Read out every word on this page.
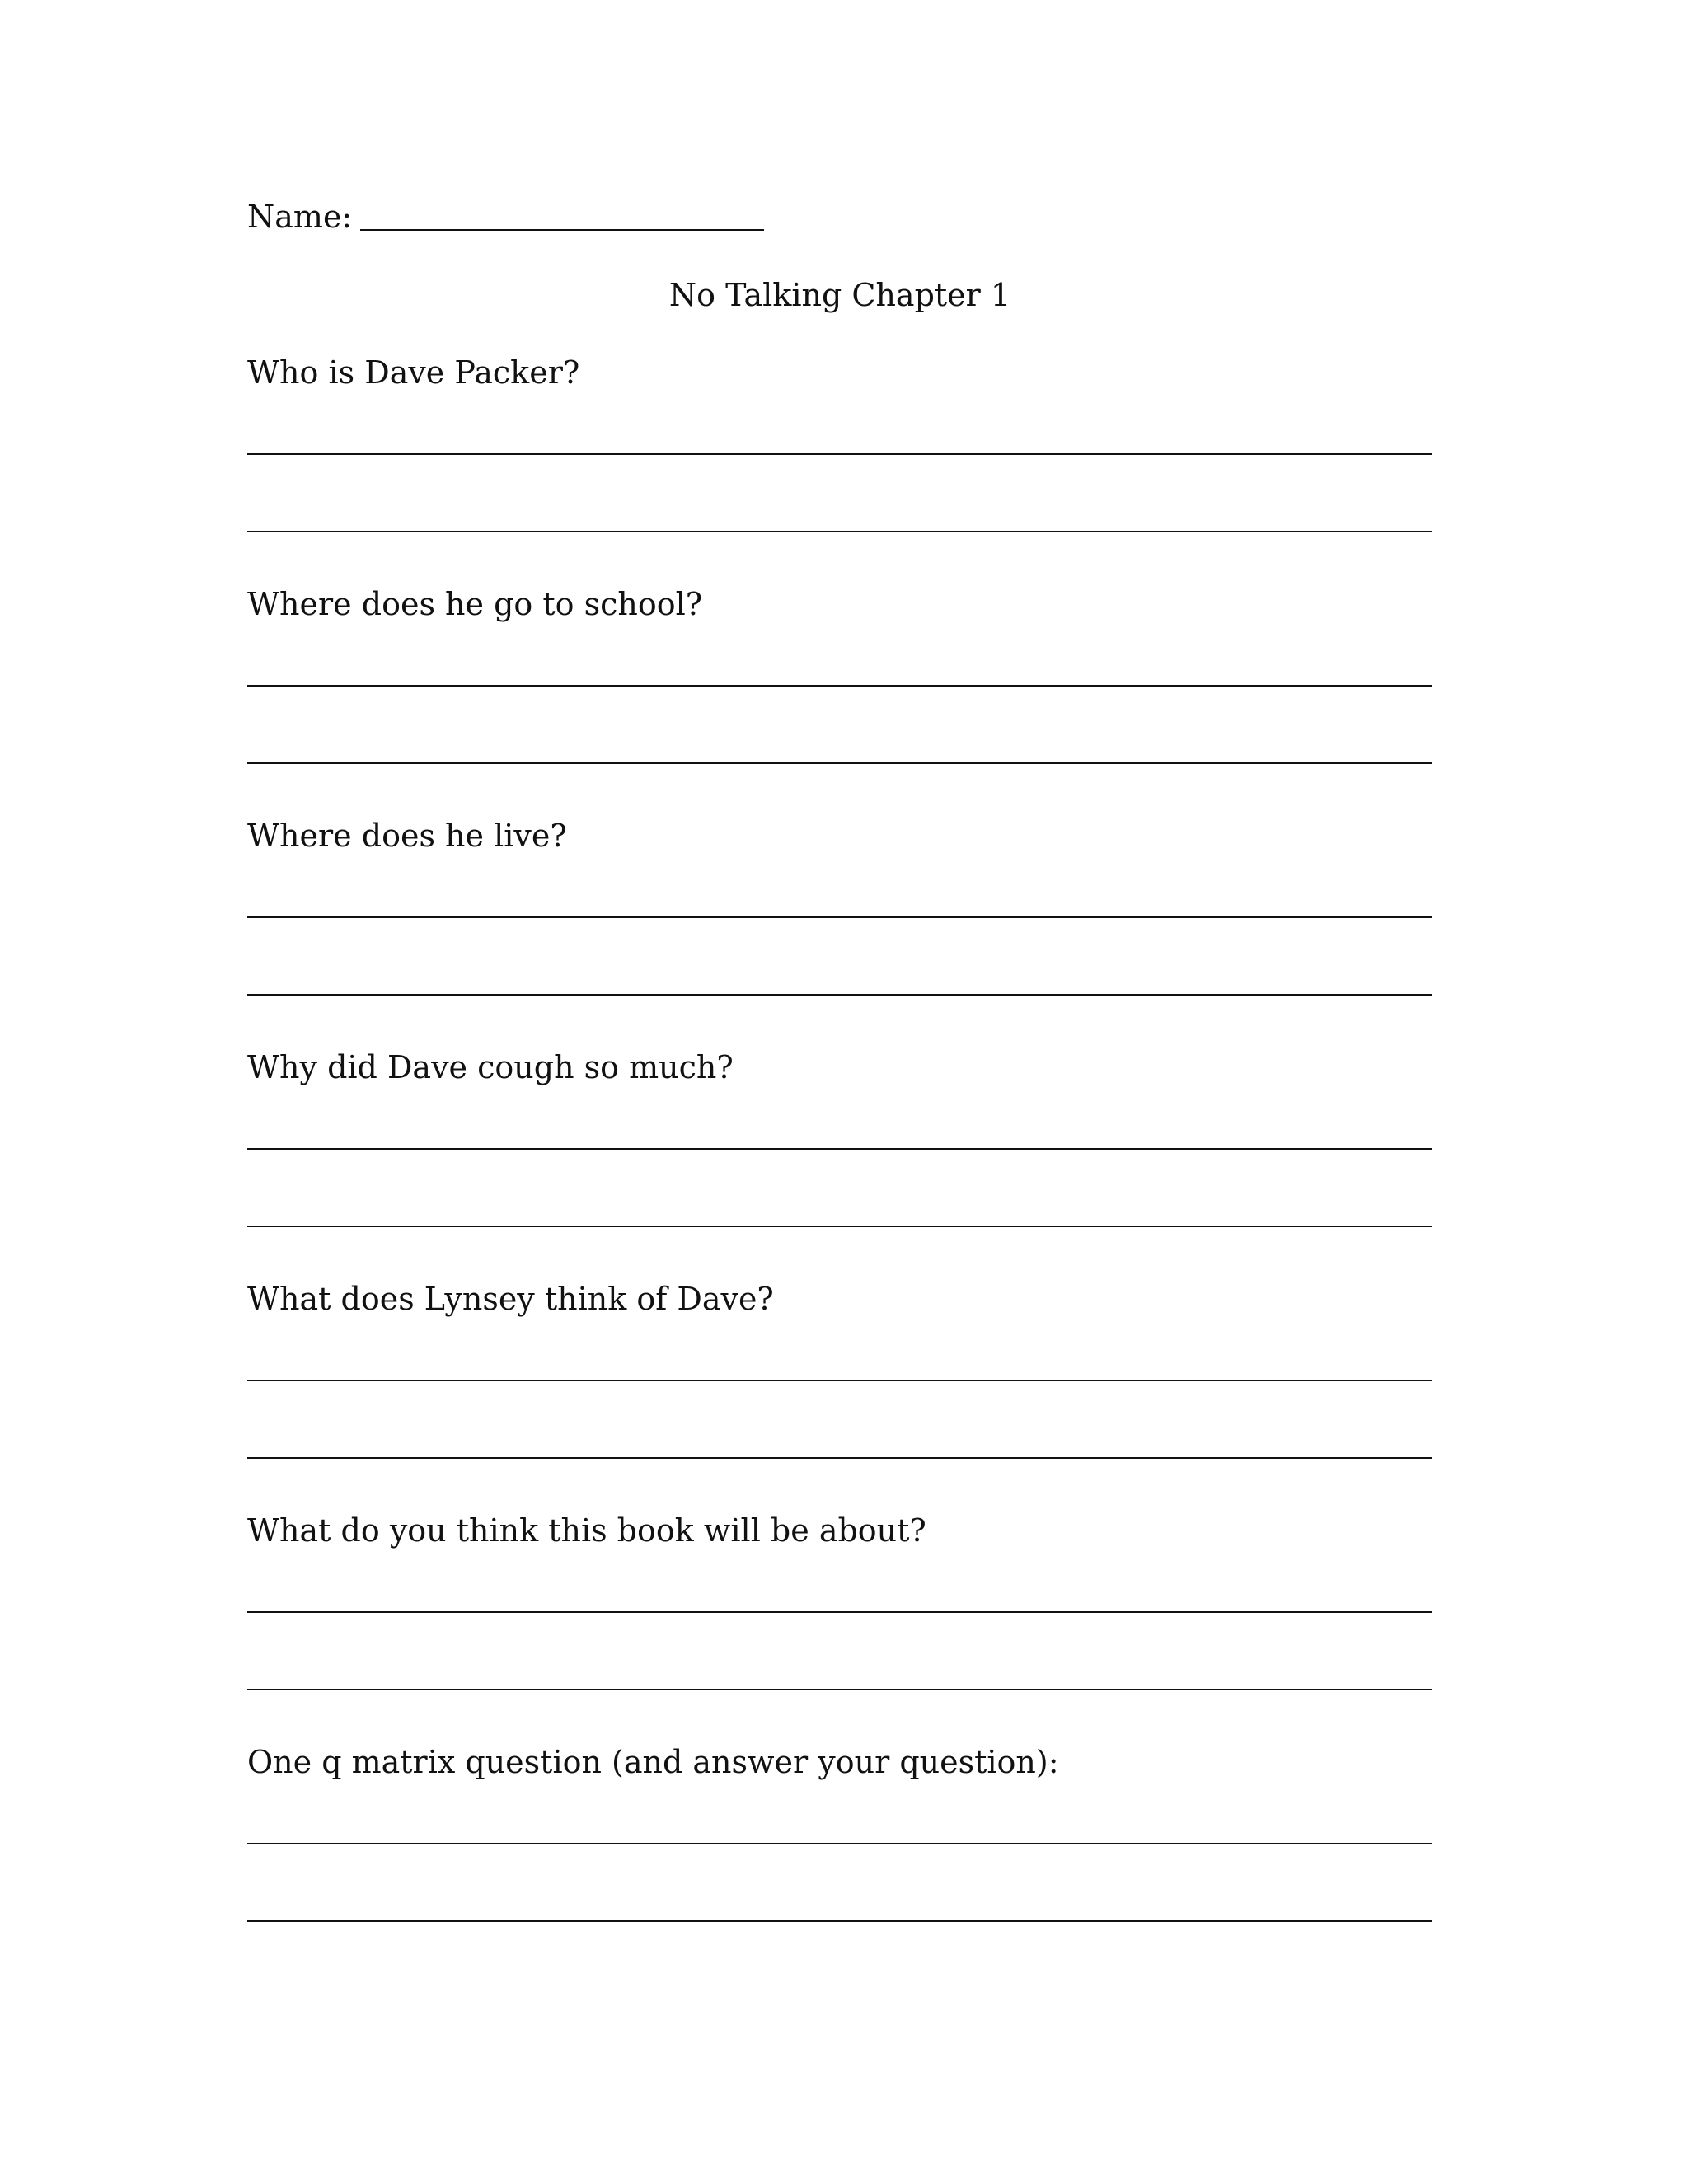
Name:
No Talking Chapter 1
Who is Dave Packer?
Where does he go to school?
Where does he live?
Why did Dave cough so much?
What does Lynsey think of Dave?
What do you think this book will be about?
One q matrix question (and answer your question):
